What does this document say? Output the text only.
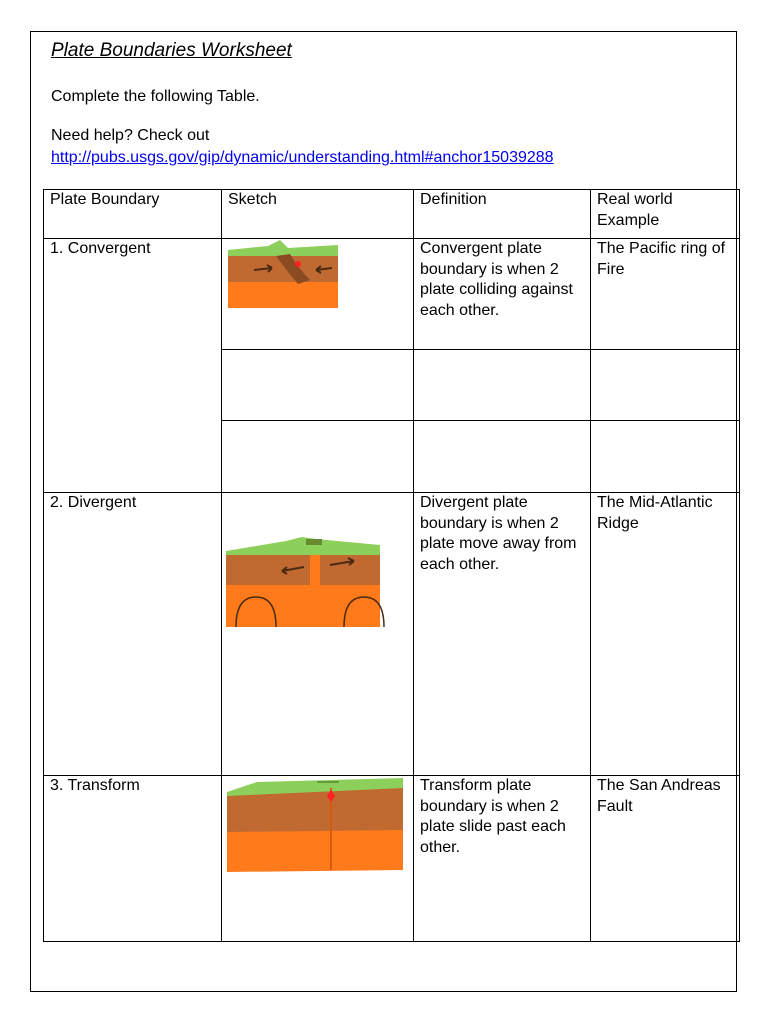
Plate Boundaries Worksheet
Complete the following Table.
Need help? Check out
http://pubs.usgs.gov/gip/dynamic/understanding.html#anchor15039288
Plate Boundary	Sketch	Definition	Real world Example
1. Convergent		Convergent plate boundary is when 2 plate colliding against each other.	The Pacific ring of Fire

2. Divergent		Divergent plate boundary is when 2 plate move away from each other.	The Mid-Atlantic Ridge
3. Transform		Transform plate boundary is when 2 plate slide past each other.	The San Andreas Fault
